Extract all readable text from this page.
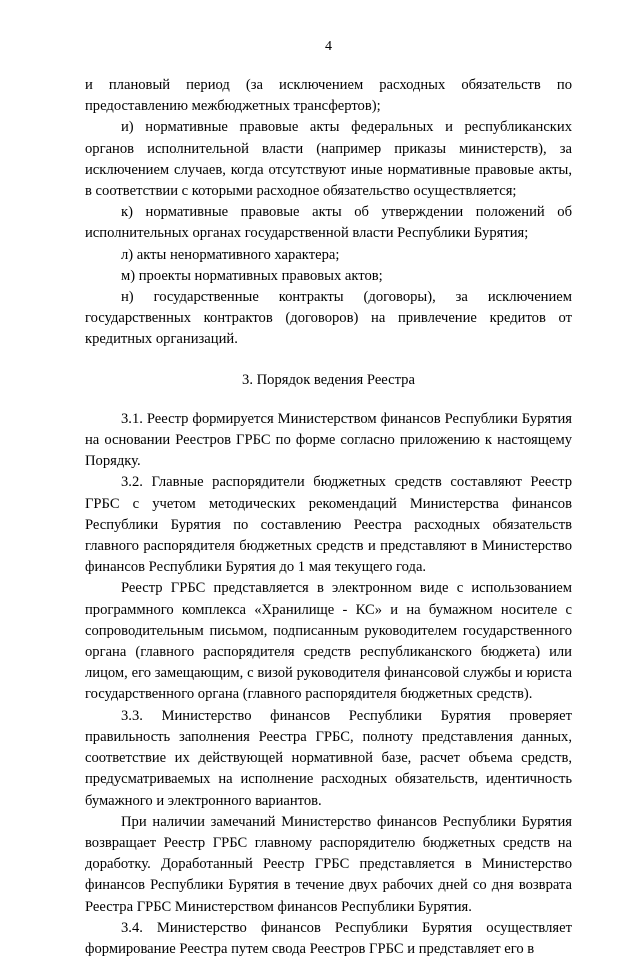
4

и плановый период (за исключением расходных обязательств по предоставлению межбюджетных трансфертов);

и) нормативные правовые акты федеральных и республиканских органов исполнительной власти (например приказы министерств), за исключением случаев, когда отсутствуют иные нормативные правовые акты, в соответствии с которыми расходное обязательство осуществляется;

к) нормативные правовые акты об утверждении положений об исполнительных органах государственной власти Республики Бурятия;

л) акты ненормативного характера;

м) проекты нормативных правовых актов;

н) государственные контракты (договоры), за исключением государственных контрактов (договоров) на привлечение кредитов от кредитных организаций.

3. Порядок ведения Реестра

3.1. Реестр формируется Министерством финансов Республики Бурятия на основании Реестров ГРБС по форме согласно приложению к настоящему Порядку.

3.2. Главные распорядители бюджетных средств составляют Реестр ГРБС с учетом методических рекомендаций Министерства финансов Республики Бурятия по составлению Реестра расходных обязательств главного распорядителя бюджетных средств и представляют в Министерство финансов Республики Бурятия до 1 мая текущего года.

Реестр ГРБС представляется в электронном виде с использованием программного комплекса «Хранилище - КС» и на бумажном носителе с сопроводительным письмом, подписанным руководителем государственного органа (главного распорядителя средств республиканского бюджета) или лицом, его замещающим, с визой руководителя финансовой службы и юриста государственного органа (главного распорядителя бюджетных средств).

3.3. Министерство финансов Республики Бурятия проверяет правильность заполнения Реестра ГРБС, полноту представления данных, соответствие их действующей нормативной базе, расчет объема средств, предусматриваемых на исполнение расходных обязательств, идентичность бумажного и электронного вариантов.

При наличии замечаний Министерство финансов Республики Бурятия возвращает Реестр ГРБС главному распорядителю бюджетных средств на доработку. Доработанный Реестр ГРБС представляется в Министерство финансов Республики Бурятия в течение двух рабочих дней со дня возврата Реестра ГРБС Министерством финансов Республики Бурятия.

3.4. Министерство финансов Республики Бурятия осуществляет формирование Реестра путем свода Реестров ГРБС и представляет его в
